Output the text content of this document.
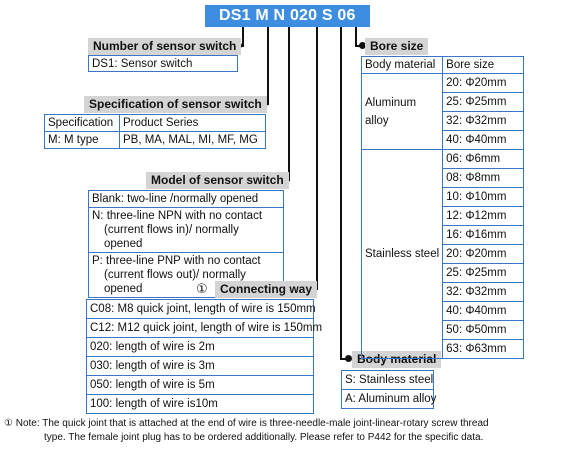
DS1 M N 020 S 06
Number of sensor switch
DS1: Sensor switch
Specification of sensor switch
Specification	Product Series
M: M type	PB, MA, MAL, MI, MF, MG
Model of sensor switch
Blank: two-line /normally opened
N: three-line NPN with no contact
(current flows in)/ normally opened
P: three-line PNP with no contact
(current flows out)/ normally opened	①	Connecting way
C08: M8 quick joint, length of wire is 150mm
C12: M12 quick joint, length of wire is 150mm
020: length of wire is 2m
030: length of wire is 3m
050: length of wire is 5m
100: length of wire is10m
Body material
S: Stainless steel
A: Aluminum alloy
Bore size
Body material	Bore size

Aluminum
alloy	20: Φ20mm
	25: Φ25mm
	32: Φ32mm
	40: Φ40mm
Stainless steel	06: Φ6mm
	08: Φ8mm
	10: Φ10mm
	12: Φ12mm
	16: Φ16mm
	20: Φ20mm
	25: Φ25mm
	32: Φ32mm
	40: Φ40mm
	50: Φ50mm
	63: Φ63mm
① Note: The quick joint that is attached at the end of wire is three-needle-male joint-linear-rotary screw thread
type. The female joint plug has to be ordered additionally. Please refer to P442 for the specific data.
